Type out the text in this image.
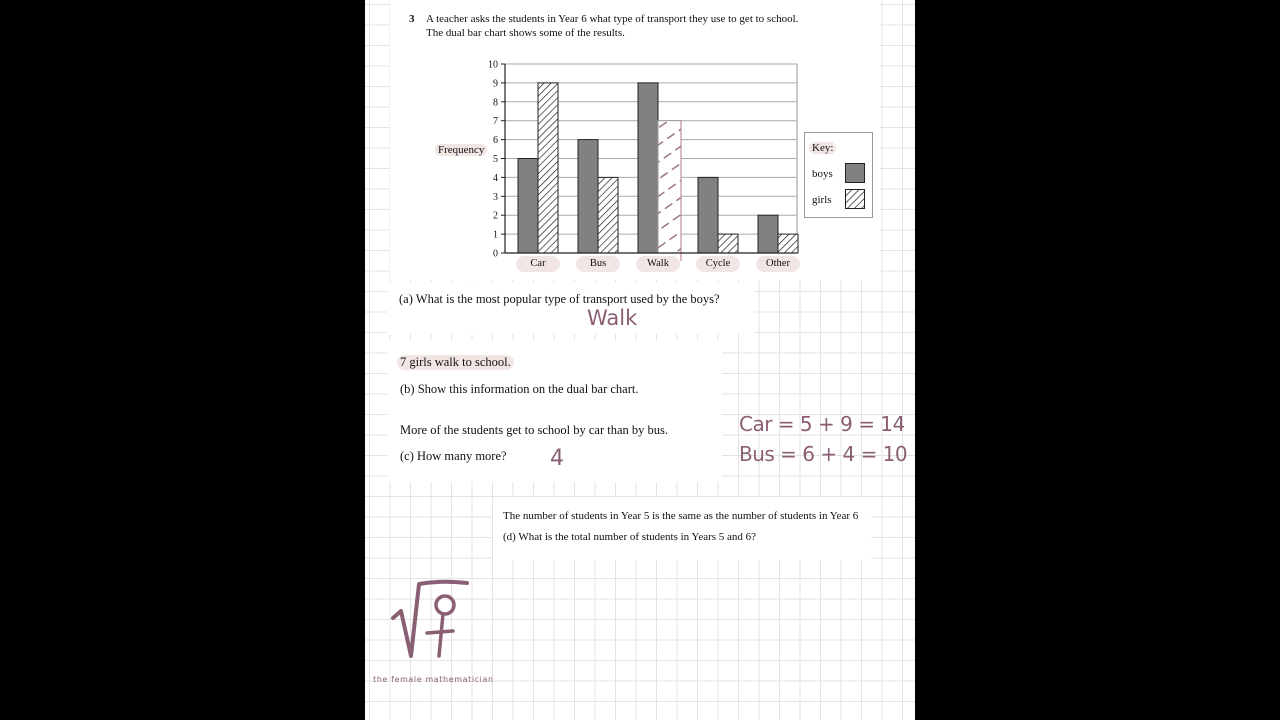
3 A teacher asks the students in Year 6 what type of transport they use to get to school.
The dual bar chart shows some of the results.
0
1
2
3
4
5
6
7
8
9
10
Car	Bus	Walk	Cycle	Other
Frequency	Key:
boys
girls
(a) What is the most popular type of transport used by the boys?
Walk
7 girls walk to school.
(b) Show this information on the dual bar chart.
More of the students get to school by car than by bus.
(c) How many more? 4
Car = 5 + 9 = 14
Bus = 6 + 4 = 10
The number of students in Year 5 is the same as the number of students in Year 6
(d) What is the total number of students in Years 5 and 6?
the female mathematician
